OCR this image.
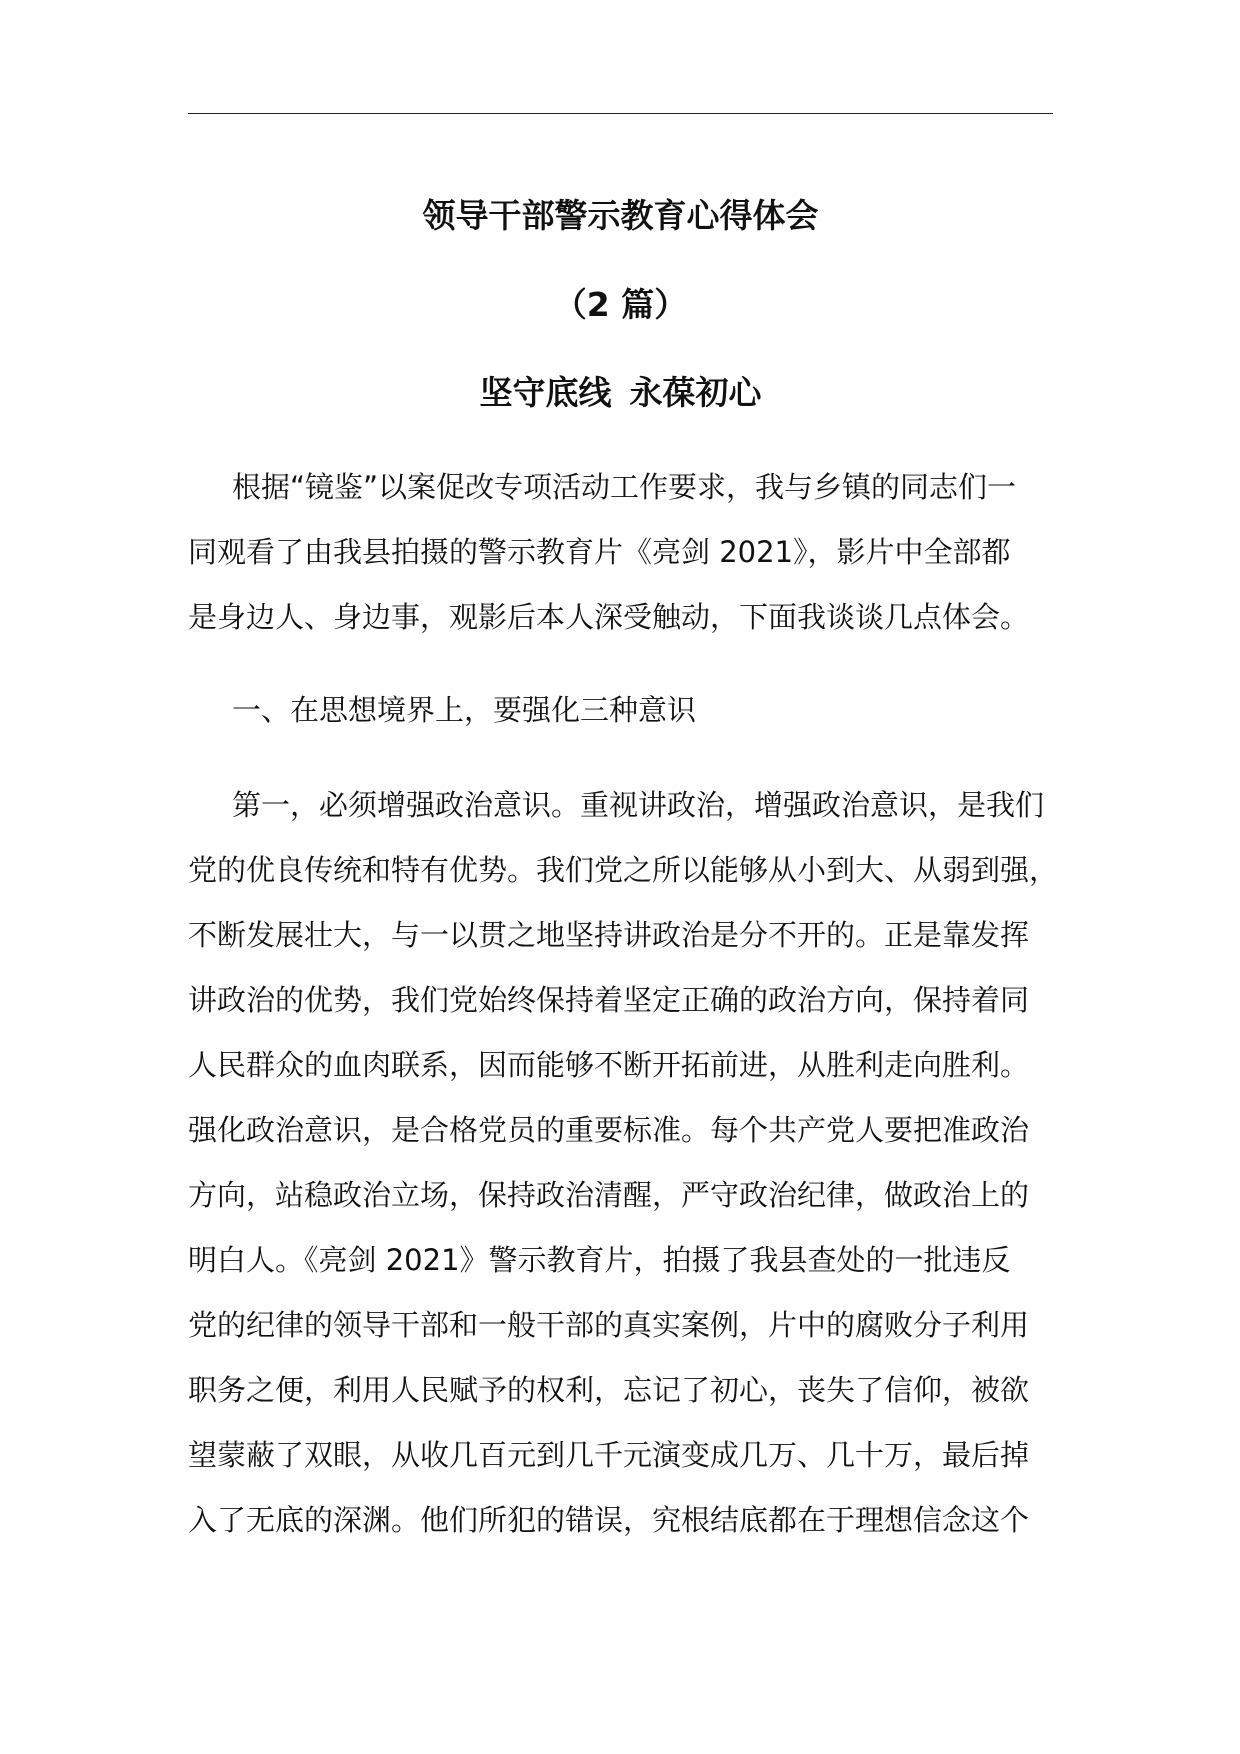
领导干部警示教育心得体会
（2 篇）
坚守底线 永葆初心

根据“镜鉴”以案促改专项活动工作要求，我与乡镇的同志们一
同观看了由我县拍摄的警示教育片《亮剑 2021》，影片中全部都
是身边人、身边事，观影后本人深受触动，下面我谈谈几点体会。

一、在思想境界上，要强化三种意识

第一，必须增强政治意识。重视讲政治，增强政治意识，是我们
党的优良传统和特有优势。我们党之所以能够从小到大、从弱到强，
不断发展壮大，与一以贯之地坚持讲政治是分不开的。正是靠发挥
讲政治的优势，我们党始终保持着坚定正确的政治方向，保持着同
人民群众的血肉联系，因而能够不断开拓前进，从胜利走向胜利。
强化政治意识，是合格党员的重要标准。每个共产党人要把准政治
方向，站稳政治立场，保持政治清醒，严守政治纪律，做政治上的
明白人。《亮剑 2021》警示教育片，拍摄了我县查处的一批违反
党的纪律的领导干部和一般干部的真实案例，片中的腐败分子利用
职务之便，利用人民赋予的权利，忘记了初心，丧失了信仰，被欲
望蒙蔽了双眼，从收几百元到几千元演变成几万、几十万，最后掉
入了无底的深渊。他们所犯的错误，究根结底都在于理想信念这个
